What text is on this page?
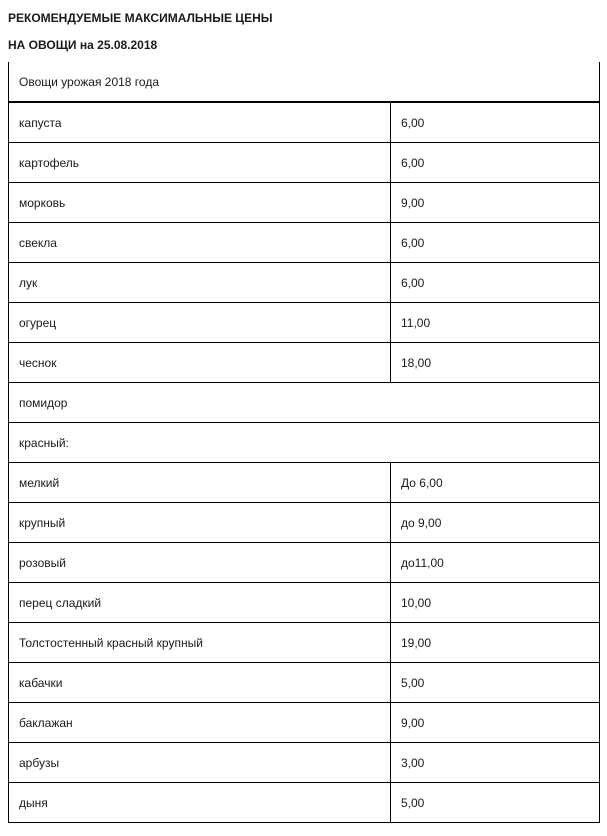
РЕКОМЕНДУЕМЫЕ МАКСИМАЛЬНЫЕ ЦЕНЫ
НА ОВОЩИ на 25.08.2018
Овощи урожая 2018 года	
капуста	6,00
картофель	6,00
морковь	9,00
свекла	6,00
лук	6,00
огурец	11,00
чеснок	18,00
помидор	
красный:	
мелкий	До 6,00
крупный	до 9,00
розовый	до11,00
перец сладкий	10,00
Толстостенный красный крупный	19,00
кабачки	5,00
баклажан	9,00
арбузы	3,00
дыня	5,00
